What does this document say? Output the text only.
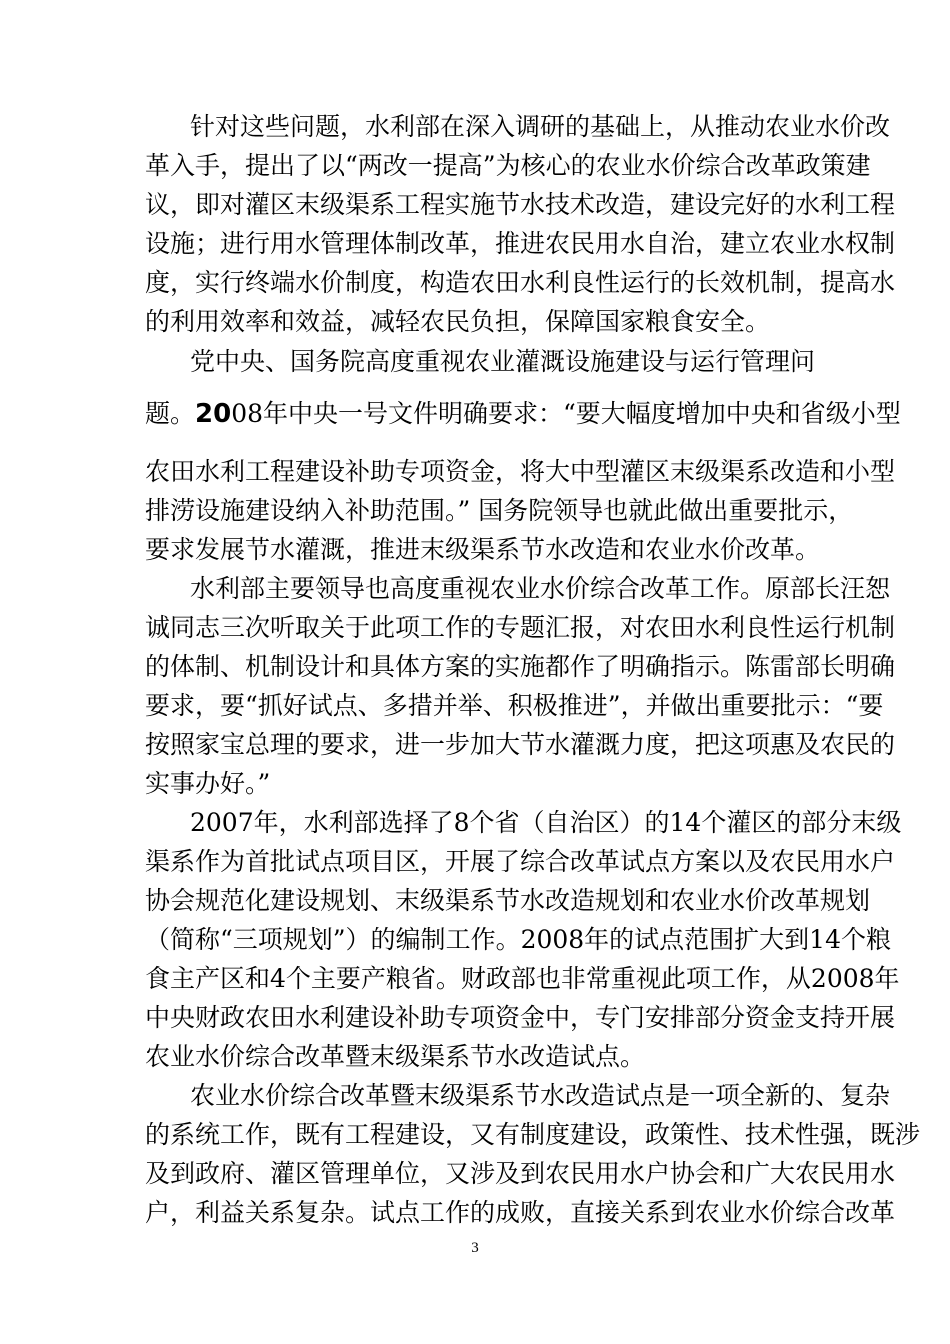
针对这些问题，水利部在深入调研的基础上，从推动农业水价改
革入手，提出了以“两改一提高”为核心的农业水价综合改革政策建
议，即对灌区末级渠系工程实施节水技术改造，建设完好的水利工程
设施；进行用水管理体制改革，推进农民用水自治，建立农业水权制
度，实行终端水价制度，构造农田水利良性运行的长效机制，提高水
的利用效率和效益，减轻农民负担，保障国家粮食安全。
党中央、国务院高度重视农业灌溉设施建设与运行管理问
题。2008年中央一号文件明确要求：“要大幅度增加中央和省级小型
农田水利工程建设补助专项资金，将大中型灌区末级渠系改造和小型
排涝设施建设纳入补助范围。” 国务院领导也就此做出重要批示，
要求发展节水灌溉，推进末级渠系节水改造和农业水价改革。
水利部主要领导也高度重视农业水价综合改革工作。原部长汪恕
诚同志三次听取关于此项工作的专题汇报，对农田水利良性运行机制
的体制、机制设计和具体方案的实施都作了明确指示。陈雷部长明确
要求，要“抓好试点、多措并举、积极推进”，并做出重要批示：“要
按照家宝总理的要求，进一步加大节水灌溉力度，把这项惠及农民的
实事办好。”
2007年，水利部选择了8个省（自治区）的14个灌区的部分末级
渠系作为首批试点项目区，开展了综合改革试点方案以及农民用水户
协会规范化建设规划、末级渠系节水改造规划和农业水价改革规划
（简称“三项规划”）的编制工作。2008年的试点范围扩大到14个粮
食主产区和4个主要产粮省。财政部也非常重视此项工作，从2008年
中央财政农田水利建设补助专项资金中，专门安排部分资金支持开展
农业水价综合改革暨末级渠系节水改造试点。
农业水价综合改革暨末级渠系节水改造试点是一项全新的、复杂
的系统工作，既有工程建设，又有制度建设，政策性、技术性强，既涉
及到政府、灌区管理单位，又涉及到农民用水户协会和广大农民用水
户，利益关系复杂。试点工作的成败，直接关系到农业水价综合改革
3
